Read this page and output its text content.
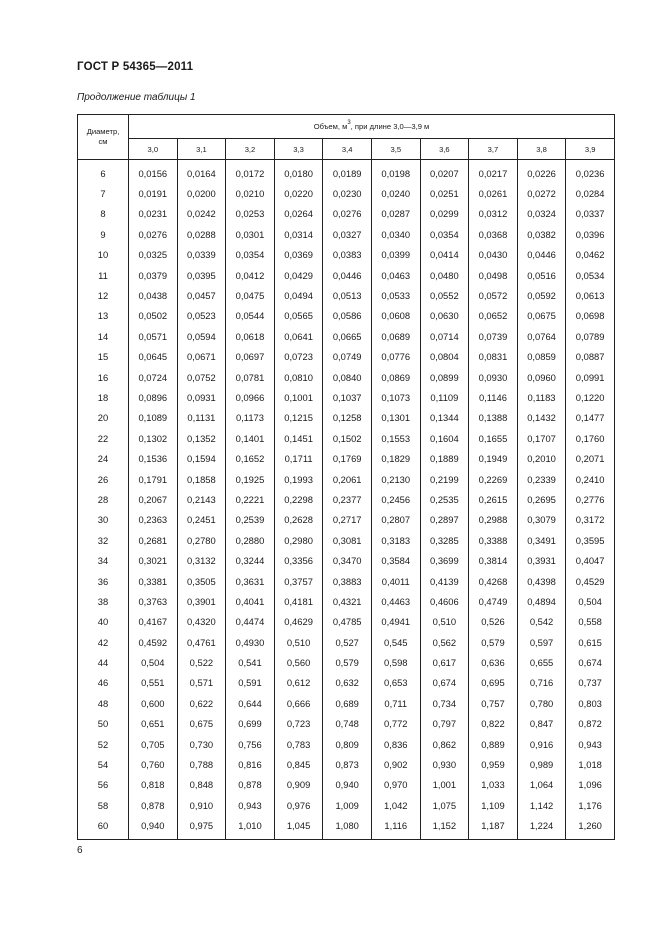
ГОСТ Р 54365—2011
Продолжение таблицы 1
Диаметр,
см	Объем, $м^3$, при длине 3,0—3,9 м									
	3,0	3,1	3,2	3,3	3,4	3,5	3,6	3,7	3,8	3,9
6	0,0156	0,0164	0,0172	0,0180	0,0189	0,0198	0,0207	0,0217	0,0226	0,0236
7	0,0191	0,0200	0,0210	0,0220	0,0230	0,0240	0,0251	0,0261	0,0272	0,0284
8	0,0231	0,0242	0,0253	0,0264	0,0276	0,0287	0,0299	0,0312	0,0324	0,0337
9	0,0276	0,0288	0,0301	0,0314	0,0327	0,0340	0,0354	0,0368	0,0382	0,0396
10	0,0325	0,0339	0,0354	0,0369	0,0383	0,0399	0,0414	0,0430	0,0446	0,0462
11	0,0379	0,0395	0,0412	0,0429	0,0446	0,0463	0,0480	0,0498	0,0516	0,0534
12	0,0438	0,0457	0,0475	0,0494	0,0513	0,0533	0,0552	0,0572	0,0592	0,0613
13	0,0502	0,0523	0,0544	0,0565	0,0586	0,0608	0,0630	0,0652	0,0675	0,0698
14	0,0571	0,0594	0,0618	0,0641	0,0665	0,0689	0,0714	0,0739	0,0764	0,0789
15	0,0645	0,0671	0,0697	0,0723	0,0749	0,0776	0,0804	0,0831	0,0859	0,0887
16	0,0724	0,0752	0,0781	0,0810	0,0840	0,0869	0,0899	0,0930	0,0960	0,0991
18	0,0896	0,0931	0,0966	0,1001	0,1037	0,1073	0,1109	0,1146	0,1183	0,1220
20	0,1089	0,1131	0,1173	0,1215	0,1258	0,1301	0,1344	0,1388	0,1432	0,1477
22	0,1302	0,1352	0,1401	0,1451	0,1502	0,1553	0,1604	0,1655	0,1707	0,1760
24	0,1536	0,1594	0,1652	0,1711	0,1769	0,1829	0,1889	0,1949	0,2010	0,2071
26	0,1791	0,1858	0,1925	0,1993	0,2061	0,2130	0,2199	0,2269	0,2339	0,2410
28	0,2067	0,2143	0,2221	0,2298	0,2377	0,2456	0,2535	0,2615	0,2695	0,2776
30	0,2363	0,2451	0,2539	0,2628	0,2717	0,2807	0,2897	0,2988	0,3079	0,3172
32	0,2681	0,2780	0,2880	0,2980	0,3081	0,3183	0,3285	0,3388	0,3491	0,3595
34	0,3021	0,3132	0,3244	0,3356	0,3470	0,3584	0,3699	0,3814	0,3931	0,4047
36	0,3381	0,3505	0,3631	0,3757	0,3883	0,4011	0,4139	0,4268	0,4398	0,4529
38	0,3763	0,3901	0,4041	0,4181	0,4321	0,4463	0,4606	0,4749	0,4894	0,504
40	0,4167	0,4320	0,4474	0,4629	0,4785	0,4941	0,510	0,526	0,542	0,558
42	0,4592	0,4761	0,4930	0,510	0,527	0,545	0,562	0,579	0,597	0,615
44	0,504	0,522	0,541	0,560	0,579	0,598	0,617	0,636	0,655	0,674
46	0,551	0,571	0,591	0,612	0,632	0,653	0,674	0,695	0,716	0,737
48	0,600	0,622	0,644	0,666	0,689	0,711	0,734	0,757	0,780	0,803
50	0,651	0,675	0,699	0,723	0,748	0,772	0,797	0,822	0,847	0,872
52	0,705	0,730	0,756	0,783	0,809	0,836	0,862	0,889	0,916	0,943
54	0,760	0,788	0,816	0,845	0,873	0,902	0,930	0,959	0,989	1,018
56	0,818	0,848	0,878	0,909	0,940	0,970	1,001	1,033	1,064	1,096
58	0,878	0,910	0,943	0,976	1,009	1,042	1,075	1,109	1,142	1,176
60	0,940	0,975	1,010	1,045	1,080	1,116	1,152	1,187	1,224	1,260
6
